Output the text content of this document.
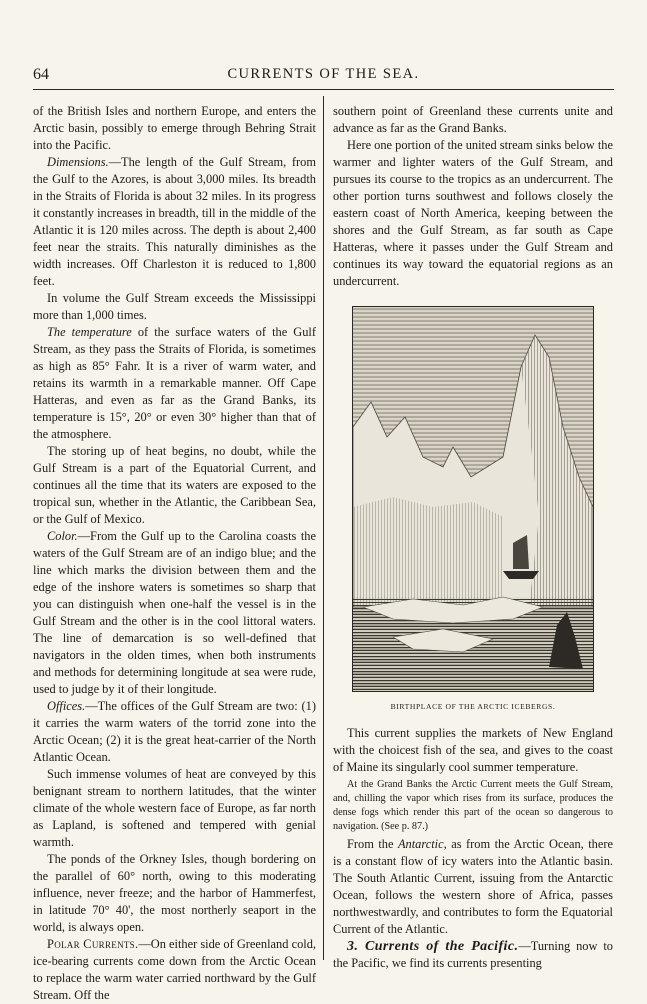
64	CURRENTS OF THE SEA.

of the British Isles and northern Europe, and enters the Arctic basin, possibly to emerge through Behring Strait into the Pacific.

Dimensions.—The length of the Gulf Stream, from the Gulf to the Azores, is about 3,000 miles. Its breadth in the Straits of Florida is about 32 miles. In its progress it constantly increases in breadth, till in the middle of the Atlantic it is 120 miles across. The depth is about 2,400 feet near the straits. This naturally diminishes as the width increases. Off Charleston it is reduced to 1,800 feet.

In volume the Gulf Stream exceeds the Mississippi more than 1,000 times.

The temperature of the surface waters of the Gulf Stream, as they pass the Straits of Florida, is sometimes as high as 85° Fahr. It is a river of warm water, and retains its warmth in a remarkable manner. Off Cape Hatteras, and even as far as the Grand Banks, its temperature is 15°, 20° or even 30° higher than that of the atmosphere.

The storing up of heat begins, no doubt, while the Gulf Stream is a part of the Equatorial Current, and continues all the time that its waters are exposed to the tropical sun, whether in the Atlantic, the Caribbean Sea, or the Gulf of Mexico.

Color.—From the Gulf up to the Carolina coasts the waters of the Gulf Stream are of an indigo blue; and the line which marks the division between them and the edge of the inshore waters is sometimes so sharp that you can distinguish when one-half the vessel is in the Gulf Stream and the other is in the cool littoral waters. The line of demarcation is so well-defined that navigators in the olden times, when both instruments and methods for determining longitude at sea were rude, used to judge by it of their longitude.

Offices.—The offices of the Gulf Stream are two: (1) it carries the warm waters of the torrid zone into the Arctic Ocean; (2) it is the great heat-carrier of the North Atlantic Ocean.

Such immense volumes of heat are conveyed by this benignant stream to northern latitudes, that the winter climate of the whole western face of Europe, as far north as Lapland, is softened and tempered with genial warmth.

The ponds of the Orkney Isles, though bordering on the parallel of 60° north, owing to this moderating influence, never freeze; and the harbor of Hammerfest, in latitude 70° 40', the most northerly seaport in the world, is always open.

Polar Currents.—On either side of Greenland cold, ice-bearing currents come down from the Arctic Ocean to replace the warm water carried northward by the Gulf Stream. Off the

southern point of Greenland these currents unite and advance as far as the Grand Banks.

Here one portion of the united stream sinks below the warmer and lighter waters of the Gulf Stream, and pursues its course to the tropics as an undercurrent. The other portion turns southwest and follows closely the eastern coast of North America, keeping between the shores and the Gulf Stream, as far south as Cape Hatteras, where it passes under the Gulf Stream and continues its way toward the equatorial regions as an undercurrent.

BIRTHPLACE OF THE ARCTIC ICEBERGS.

This current supplies the markets of New England with the choicest fish of the sea, and gives to the coast of Maine its singularly cool summer temperature.

At the Grand Banks the Arctic Current meets the Gulf Stream, and, chilling the vapor which rises from its surface, produces the dense fogs which render this part of the ocean so dangerous to navigation. (See p. 87.)

From the Antarctic, as from the Arctic Ocean, there is a constant flow of icy waters into the Atlantic basin. The South Atlantic Current, issuing from the Antarctic Ocean, follows the western shore of Africa, passes northwestwardly, and contributes to form the Equatorial Current of the Atlantic.

3. Currents of the Pacific.—Turning now to the Pacific, we find its currents presenting
